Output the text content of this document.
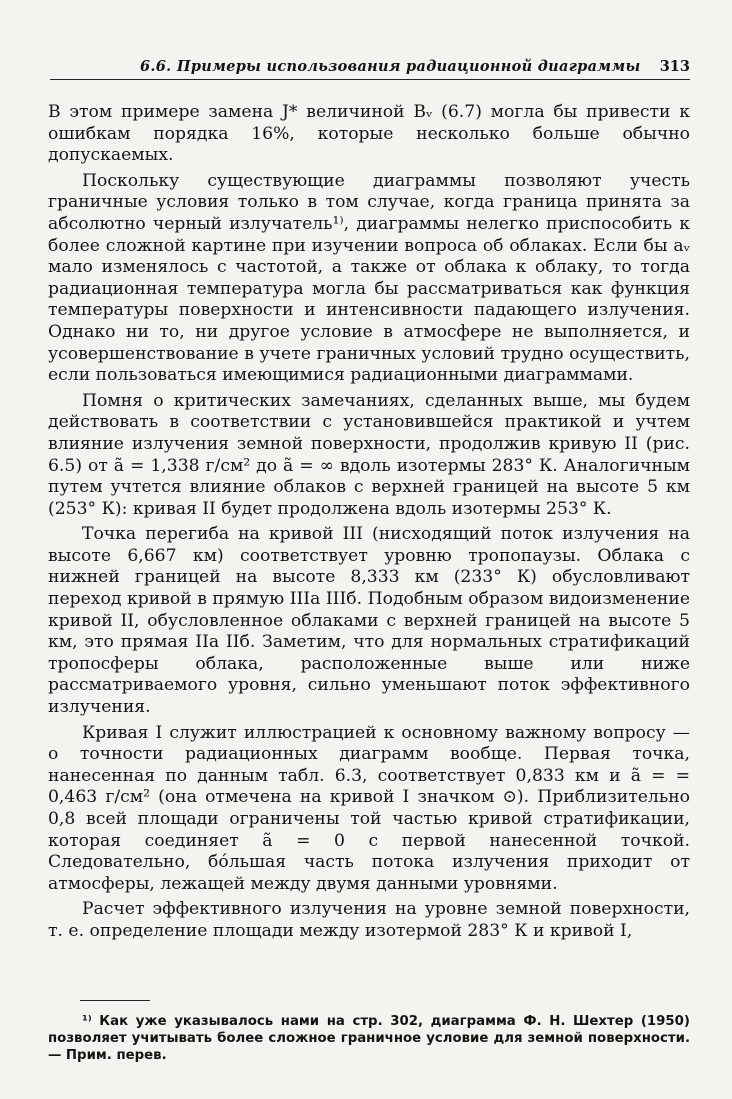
6.6. Примеры использования радиационной диаграммы 313

В этом примере замена J* величиной Bᵥ (6.7) могла бы привести к ошибкам порядка 16%, которые несколько больше обычно допускаемых.

Поскольку существующие диаграммы позволяют учесть граничные условия только в том случае, когда граница принята за абсолютно черный излучатель¹⁾, диаграммы нелегко приспособить к более сложной картине при изучении вопроса об облаках. Если бы aᵥ мало изменялось с частотой, а также от облака к облаку, то тогда радиационная температура могла бы рассматриваться как функция температуры поверхности и интенсивности падающего излучения. Однако ни то, ни другое условие в атмосфере не выполняется, и усовершенствование в учете граничных условий трудно осуществить, если пользоваться имеющимися радиационными диаграммами.

Помня о критических замечаниях, сделанных выше, мы будем действовать в соответствии с установившейся практикой и учтем влияние излучения земной поверхности, продолжив кривую II (рис. 6.5) от ã = 1,338 г/см² до ã = ∞ вдоль изотермы 283° К. Аналогичным путем учтется влияние облаков с верхней границей на высоте 5 км (253° К): кривая II будет продолжена вдоль изотермы 253° К.

Точка перегиба на кривой III (нисходящий поток излучения на высоте 6,667 км) соответствует уровню тропопаузы. Облака с нижней границей на высоте 8,333 км (233° К) обусловливают переход кривой в прямую IIIа IIIб. Подобным образом видоизменение кривой II, обусловленное облаками с верхней границей на высоте 5 км, это прямая IIа IIб. Заметим, что для нормальных стратификаций тропосферы облака, расположенные выше или ниже рассматриваемого уровня, сильно уменьшают поток эффективного излучения.

Кривая I служит иллюстрацией к основному важному вопросу — о точности радиационных диаграмм вообще. Первая точка, нанесенная по данным табл. 6.3, соответствует 0,833 км и ã = = 0,463 г/см² (она отмечена на кривой I значком ⊙). Приблизительно 0,8 всей площади ограничены той частью кривой стратификации, которая соединяет ã = 0 с первой нанесенной точкой. Следовательно, бóльшая часть потока излучения приходит от атмосферы, лежащей между двумя данными уровнями.

Расчет эффективного излучения на уровне земной поверхности, т. е. определение площади между изотермой 283° К и кривой I,

¹⁾ Как уже указывалось нами на стр. 302, диаграмма Ф. Н. Шехтер (1950) позволяет учитывать более сложное граничное условие для земной поверхности.— Прим. перев.
